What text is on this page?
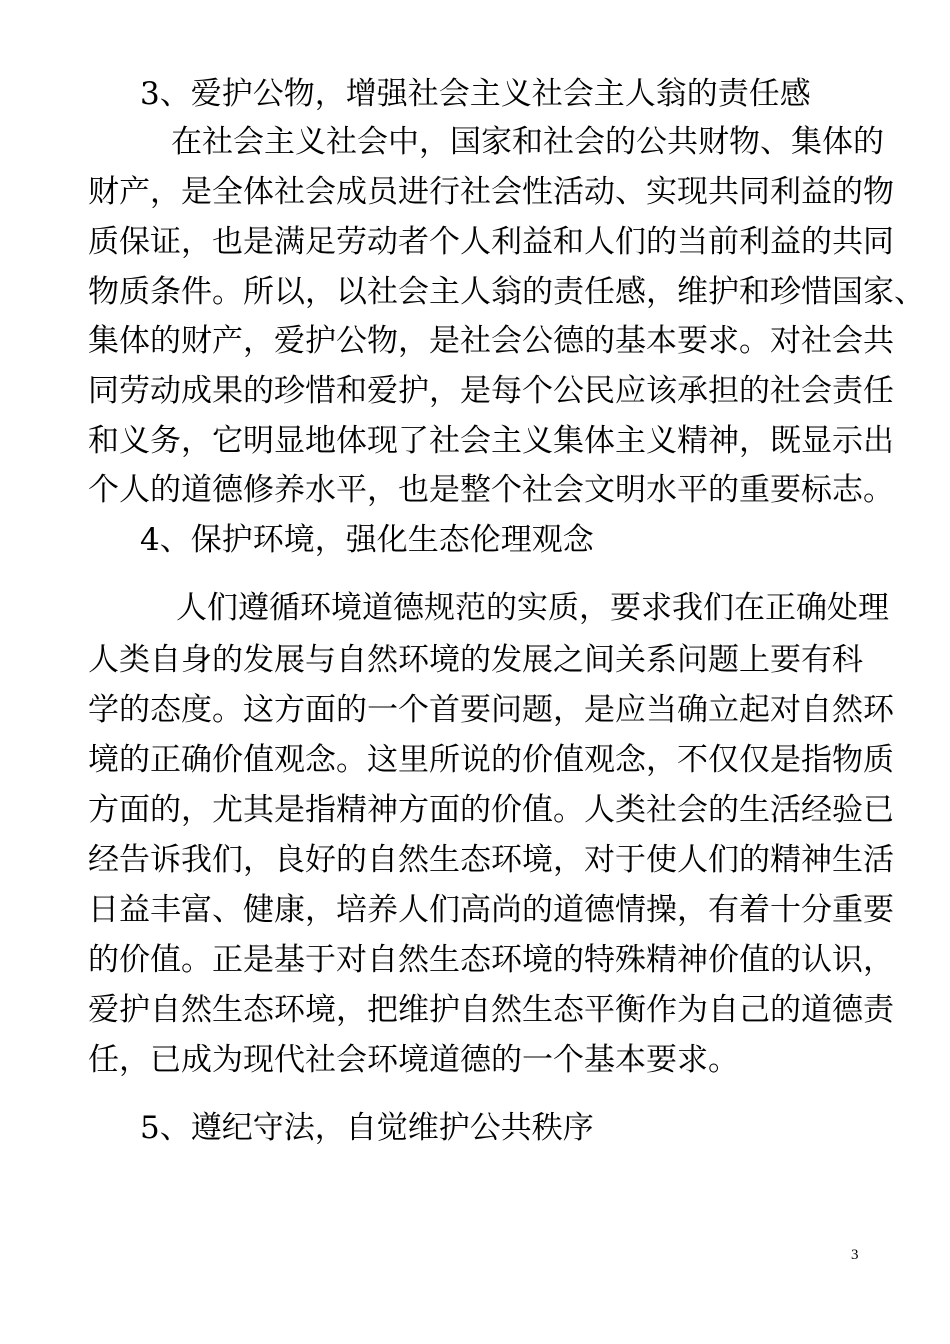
3、爱护公物，增强社会主义社会主人翁的责任感
在社会主义社会中，国家和社会的公共财物、集体的
财产，是全体社会成员进行社会性活动、实现共同利益的物
质保证，也是满足劳动者个人利益和人们的当前利益的共同
物质条件。所以，以社会主人翁的责任感，维护和珍惜国家、
集体的财产，爱护公物，是社会公德的基本要求。对社会共
同劳动成果的珍惜和爱护，是每个公民应该承担的社会责任
和义务，它明显地体现了社会主义集体主义精神，既显示出
个人的道德修养水平，也是整个社会文明水平的重要标志。
4、保护环境，强化生态伦理观念
人们遵循环境道德规范的实质，要求我们在正确处理
人类自身的发展与自然环境的发展之间关系问题上要有科
学的态度。这方面的一个首要问题，是应当确立起对自然环
境的正确价值观念。这里所说的价值观念，不仅仅是指物质
方面的，尤其是指精神方面的价值。人类社会的生活经验已
经告诉我们，良好的自然生态环境，对于使人们的精神生活
日益丰富、健康，培养人们高尚的道德情操，有着十分重要
的价值。正是基于对自然生态环境的特殊精神价值的认识，
爱护自然生态环境，把维护自然生态平衡作为自己的道德责
任，已成为现代社会环境道德的一个基本要求。
5、遵纪守法，自觉维护公共秩序
3
